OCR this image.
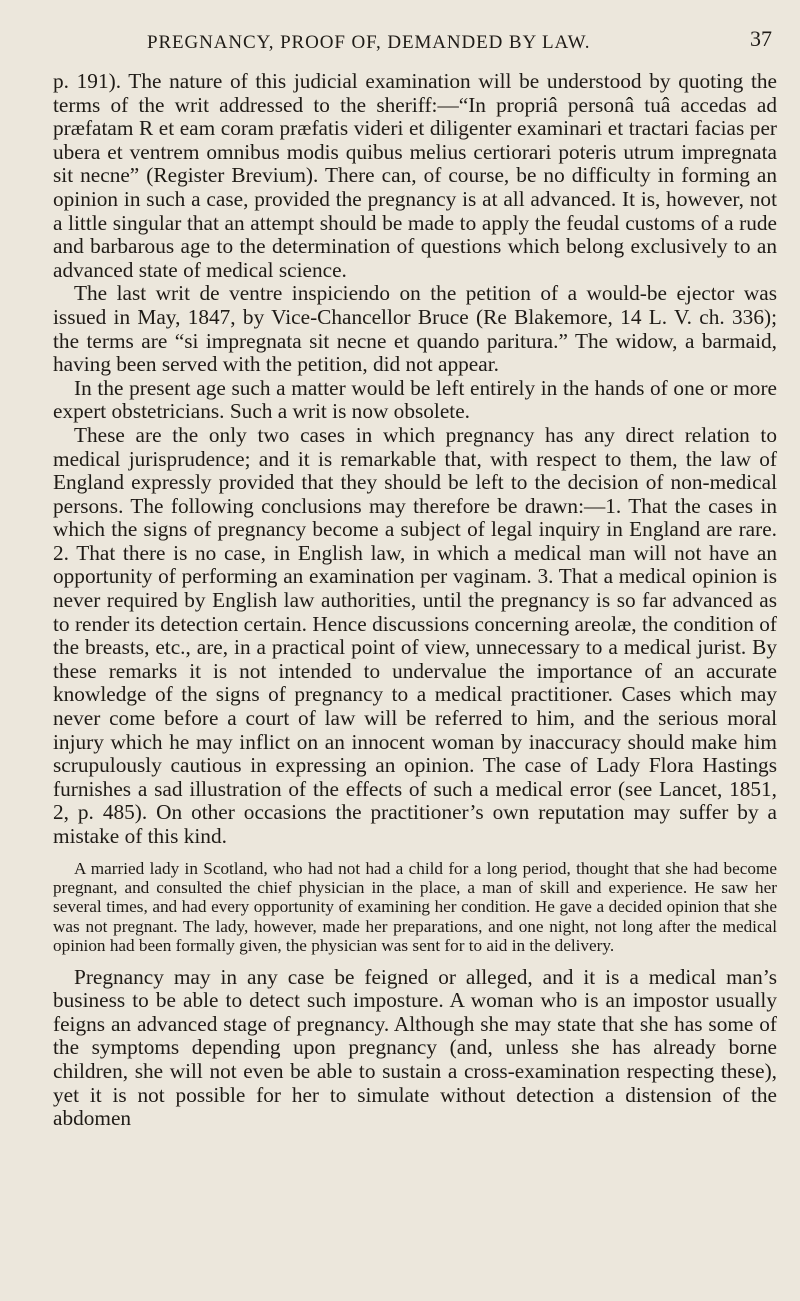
PREGNANCY, PROOF OF, DEMANDED BY LAW.	37

p. 191). The nature of this judicial examination will be understood by quoting the terms of the writ addressed to the sheriff:—“In propriâ personâ tuâ accedas ad præfatam R et eam coram præfatis videri et diligenter examinari et tractari facias per ubera et ventrem omnibus modis quibus melius certiorari poteris utrum impregnata sit necne” (Register Brevium). There can, of course, be no difficulty in forming an opinion in such a case, provided the pregnancy is at all advanced. It is, however, not a little singular that an attempt should be made to apply the feudal customs of a rude and barbarous age to the determination of questions which belong exclusively to an advanced state of medical science.

The last writ de ventre inspiciendo on the petition of a would-be ejector was issued in May, 1847, by Vice-Chancellor Bruce (Re Blakemore, 14 L. V. ch. 336); the terms are “si impregnata sit necne et quando paritura.” The widow, a barmaid, having been served with the petition, did not appear.

In the present age such a matter would be left entirely in the hands of one or more expert obstetricians. Such a writ is now obsolete.

These are the only two cases in which pregnancy has any direct relation to medical jurisprudence; and it is remarkable that, with respect to them, the law of England expressly provided that they should be left to the decision of non-medical persons. The following conclusions may therefore be drawn:—1. That the cases in which the signs of pregnancy become a subject of legal inquiry in England are rare. 2. That there is no case, in English law, in which a medical man will not have an opportunity of performing an examination per vaginam. 3. That a medical opinion is never required by English law authorities, until the pregnancy is so far advanced as to render its detection certain. Hence discussions concerning areolæ, the condition of the breasts, etc., are, in a practical point of view, unnecessary to a medical jurist. By these remarks it is not intended to undervalue the importance of an accurate knowledge of the signs of pregnancy to a medical practitioner. Cases which may never come before a court of law will be referred to him, and the serious moral injury which he may inflict on an innocent woman by inaccuracy should make him scrupulously cautious in expressing an opinion. The case of Lady Flora Hastings furnishes a sad illustration of the effects of such a medical error (see Lancet, 1851, 2, p. 485). On other occasions the practitioner’s own reputation may suffer by a mistake of this kind.

A married lady in Scotland, who had not had a child for a long period, thought that she had become pregnant, and consulted the chief physician in the place, a man of skill and experience. He saw her several times, and had every opportunity of examining her condition. He gave a decided opinion that she was not pregnant. The lady, however, made her preparations, and one night, not long after the medical opinion had been formally given, the physician was sent for to aid in the delivery.

Pregnancy may in any case be feigned or alleged, and it is a medical man’s business to be able to detect such imposture. A woman who is an impostor usually feigns an advanced stage of pregnancy. Although she may state that she has some of the symptoms depending upon pregnancy (and, unless she has already borne children, she will not even be able to sustain a cross-examination respecting these), yet it is not possible for her to simulate without detection a distension of the abdomen
